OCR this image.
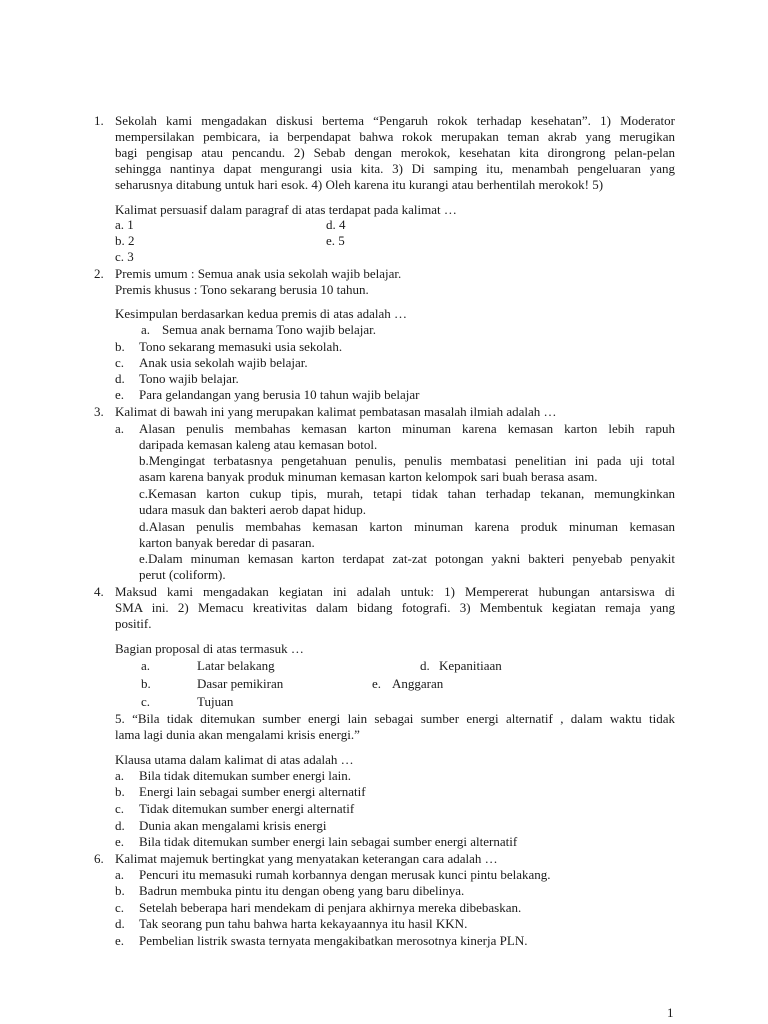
1. Sekolah kami mengadakan diskusi bertema “Pengaruh rokok terhadap kesehatan”. 1) Moderator
mempersilakan pembicara, ia berpendapat bahwa rokok merupakan teman akrab yang merugikan
bagi pengisap atau pencandu. 2) Sebab dengan merokok, kesehatan kita dirongrong pelan-pelan
sehingga nantinya dapat mengurangi usia kita. 3) Di samping itu, menambah pengeluaran yang
seharusnya ditabung untuk hari esok. 4) Oleh karena itu kurangi atau berhentilah merokok! 5)
Kalimat persuasif dalam paragraf di atas terdapat pada kalimat …
a. 1
b. 2
c. 3
d. 4
e. 5
2. Premis umum : Semua anak usia sekolah wajib belajar.
Premis khusus : Tono sekarang berusia 10 tahun.
Kesimpulan berdasarkan kedua premis di atas adalah …
a. Semua anak bernama Tono wajib belajar.
b. Tono sekarang memasuki usia sekolah.
c. Anak usia sekolah wajib belajar.
d. Tono wajib belajar.
e. Para gelandangan yang berusia 10 tahun wajib belajar
3. Kalimat di bawah ini yang merupakan kalimat pembatasan masalah ilmiah adalah …
a. Alasan penulis membahas kemasan karton minuman karena kemasan karton lebih rapuh
daripada kemasan kaleng atau kemasan botol.
b.Mengingat terbatasnya pengetahuan penulis, penulis membatasi penelitian ini pada uji total
asam karena banyak produk minuman kemasan karton kelompok sari buah berasa asam.
c.Kemasan karton cukup tipis, murah, tetapi tidak tahan terhadap tekanan, memungkinkan
udara masuk dan bakteri aerob dapat hidup.
d.Alasan penulis membahas kemasan karton minuman karena produk minuman kemasan
karton banyak beredar di pasaran.
e.Dalam minuman kemasan karton terdapat zat-zat potongan yakni bakteri penyebab penyakit
perut (coliform).
4. Maksud kami mengadakan kegiatan ini adalah untuk: 1) Mempererat hubungan antarsiswa di
SMA ini. 2) Memacu kreativitas dalam bidang fotografi. 3) Membentuk kegiatan remaja yang
positif.
Bagian proposal di atas termasuk …
a.	Latar belakang
b.	Dasar pemikiran
c.	Tujuan
d. Kepanitiaan
e. Anggaran
5. “Bila tidak ditemukan sumber energi lain sebagai sumber energi alternatif , dalam waktu tidak
lama lagi dunia akan mengalami krisis energi.”
Klausa utama dalam kalimat di atas adalah …
a. Bila tidak ditemukan sumber energi lain.
b. Energi lain sebagai sumber energi alternatif
c. Tidak ditemukan sumber energi alternatif
d. Dunia akan mengalami krisis energi
e. Bila tidak ditemukan sumber energi lain sebagai sumber energi alternatif
6. Kalimat majemuk bertingkat yang menyatakan keterangan cara adalah …
a. Pencuri itu memasuki rumah korbannya dengan merusak kunci pintu belakang.
b. Badrun membuka pintu itu dengan obeng yang baru dibelinya.
c. Setelah beberapa hari mendekam di penjara akhirnya mereka dibebaskan.
d. Tak seorang pun tahu bahwa harta kekayaannya itu hasil KKN.
e. Pembelian listrik swasta ternyata mengakibatkan merosotnya kinerja PLN.
1
